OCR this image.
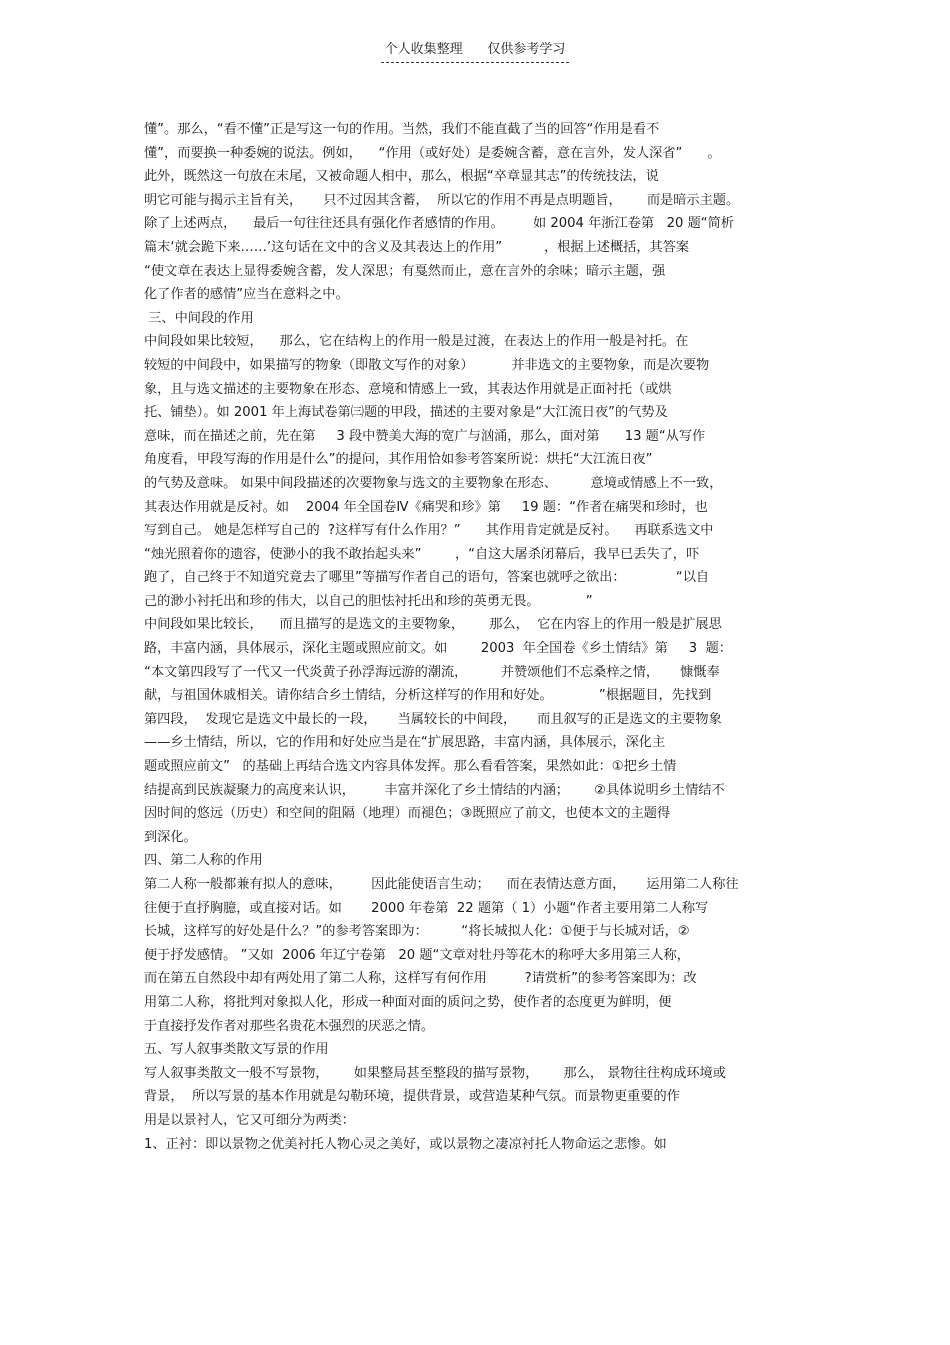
个人收集整理 仅供参考学习
懂”。那么，“看不懂”正是写这一句的作用。当然，我们不能直截了当的回答“作用是看不
懂”，而要换一种委婉的说法。例如，    “作用（或好处）是委婉含蓄，意在言外，发人深省”      。
此外，既然这一句放在末尾，又被命题人相中，那么，根据“卒章显其志”的传统技法，说
明它可能与揭示主旨有关，     只不过因其含蓄，  所以它的作用不再是点明题旨，      而是暗示主题。
除了上述两点，    最后一句往往还具有强化作者感情的作用。       如 2004 年浙江卷第   20 题“简析
篇末‘就会跪下来……’这句话在文中的含义及其表达上的作用”          ，根据上述概括，其答案
“使文章在表达上显得委婉含蓄，发人深思；有戛然而止，意在言外的余味；暗示主题，强
化了作者的感情”应当在意料之中。
三、中间段的作用
中间段如果比较短，    那么，它在结构上的作用一般是过渡，在表达上的作用一般是衬托。在
较短的中间段中，如果描写的物象（即散文写作的对象）         并非选文的主要物象，而是次要物
象，且与选文描述的主要物象在形态、意境和情感上一致，其表达作用就是正面衬托（或烘
托、铺垫）。如 2001 年上海试卷第㈢题的甲段，描述的主要对象是“大江流日夜”的气势及
意味，而在描述之前，先在第     3 段中赞美大海的宽广与汹涌，那么，面对第      13 题“从写作
角度看，甲段写海的作用是什么”的提问，其作用恰如参考答案所说：烘托“大江流日夜”
的气势及意味。 如果中间段描述的次要物象与选文的主要物象在形态、        意境或情感上不一致，
其表达作用就是反衬。如    2004 年全国卷Ⅳ《痛哭和珍》第     19 题：“作者在痛哭和珍时，也
写到自己。 她是怎样写自己的  ?这样写有什么作用？”      其作用肯定就是反衬。    再联系选文中
“烛光照着你的遗容，使渺小的我不敢抬起头来”        ，“自这大屠杀闭幕后，我早已丢失了，吓
跑了，自己终于不知道究竟去了哪里”等描写作者自己的语句，答案也就呼之欲出：            “以自
己的渺小衬托出和珍的伟大，以自己的胆怯衬托出和珍的英勇无畏。           ”
中间段如果比较长，    而且描写的是选文的主要物象，      那么，  它在内容上的作用一般是扩展思
路，丰富内涵，具体展示，深化主题或照应前文。如        2003  年全国卷《乡土情结》第     3  题：
“本文第四段写了一代又一代炎黄子孙浮海远游的潮流，        并赞颂他们不忘桑梓之情，     慷慨奉
献，与祖国休戚相关。请你结合乡土情结，分析这样写的作用和好处。           ”根据题目，先找到
第四段，  发现它是选文中最长的一段，     当属较长的中间段，     而且叙写的正是选文的主要物象
——乡土情结，所以，它的作用和好处应当是在“扩展思路，丰富内涵，具体展示，深化主
题或照应前文”   的基础上再结合选文内容具体发挥。那么看看答案，果然如此：①把乡土情
结提高到民族凝聚力的高度来认识，       丰富并深化了乡土情结的内涵；      ②具体说明乡土情结不
因时间的悠远（历史）和空间的阻隔（地理）而褪色；③既照应了前文，也使本文的主题得
到深化。
四、第二人称的作用
第二人称一般都兼有拟人的意味，       因此能使语言生动；    而在表情达意方面，     运用第二人称往
往便于直抒胸臆，或直接对话。如       2000 年卷第  22 题第（ 1）小题“作者主要用第二人称写
长城，这样写的好处是什么？”的参考答案即为：        “将长城拟人化：①便于与长城对话，②
便于抒发感情。 ”又如  2006 年辽宁卷第   20 题“文章对牡丹等花木的称呼大多用第三人称，
而在第五自然段中却有两处用了第二人称，这样写有何作用         ?请赏析”的参考答案即为：改
用第二人称，将批判对象拟人化，形成一种面对面的质问之势，使作者的态度更为鲜明，便
于直接抒发作者对那些名贵花木强烈的厌恶之情。
五、写人叙事类散文写景的作用
写人叙事类散文一般不写景物，      如果整局甚至整段的描写景物，      那么， 景物往往构成环境或
背景，  所以写景的基本作用就是勾勒环境，提供背景，或营造某种气氛。而景物更重要的作
用是以景衬人，它又可细分为两类：
1、正衬：即以景物之优美衬托人物心灵之美好，或以景物之凄凉衬托人物命运之悲惨。如
